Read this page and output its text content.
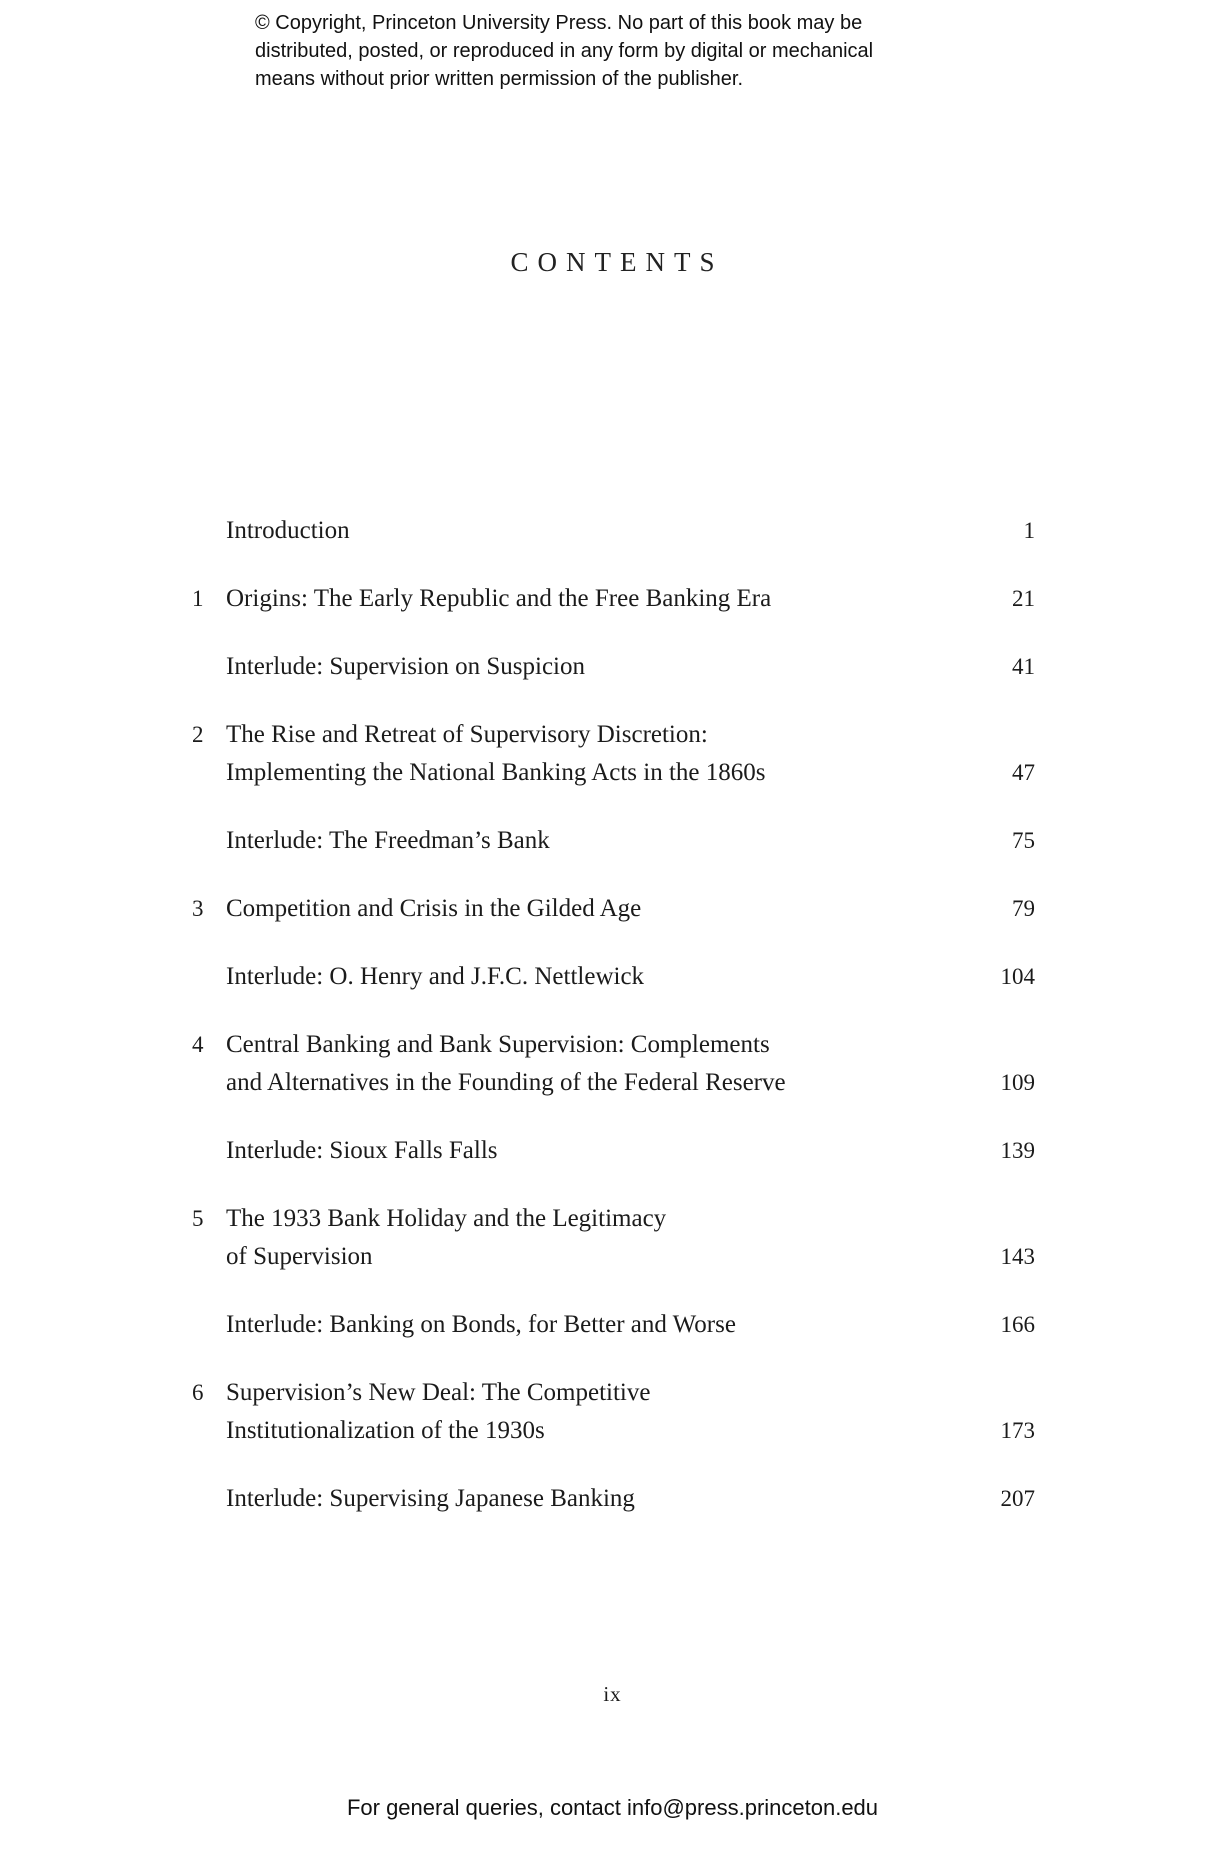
© Copyright, Princeton University Press. No part of this book may be
distributed, posted, or reproduced in any form by digital or mechanical
means without prior written permission of the publisher.
CONTENTS
Introduction	1
1 Origins: The Early Republic and the Free Banking Era	21
Interlude: Supervision on Suspicion	41
2 The Rise and Retreat of Supervisory Discretion:
Implementing the National Banking Acts in the 1860s	47
Interlude: The Freedman’s Bank	75
3 Competition and Crisis in the Gilded Age	79
Interlude: O. Henry and J.F.C. Nettlewick	104
4 Central Banking and Bank Supervision: Complements
and Alternatives in the Founding of the Federal Reserve	109
Interlude: Sioux Falls Falls	139
5 The 1933 Bank Holiday and the Legitimacy
of Supervision	143
Interlude: Banking on Bonds, for Better and Worse	166
6 Supervision’s New Deal: The Competitive
Institutionalization of the 1930s	173
Interlude: Supervising Japanese Banking	207
ix
For general queries, contact info@press.princeton.edu
